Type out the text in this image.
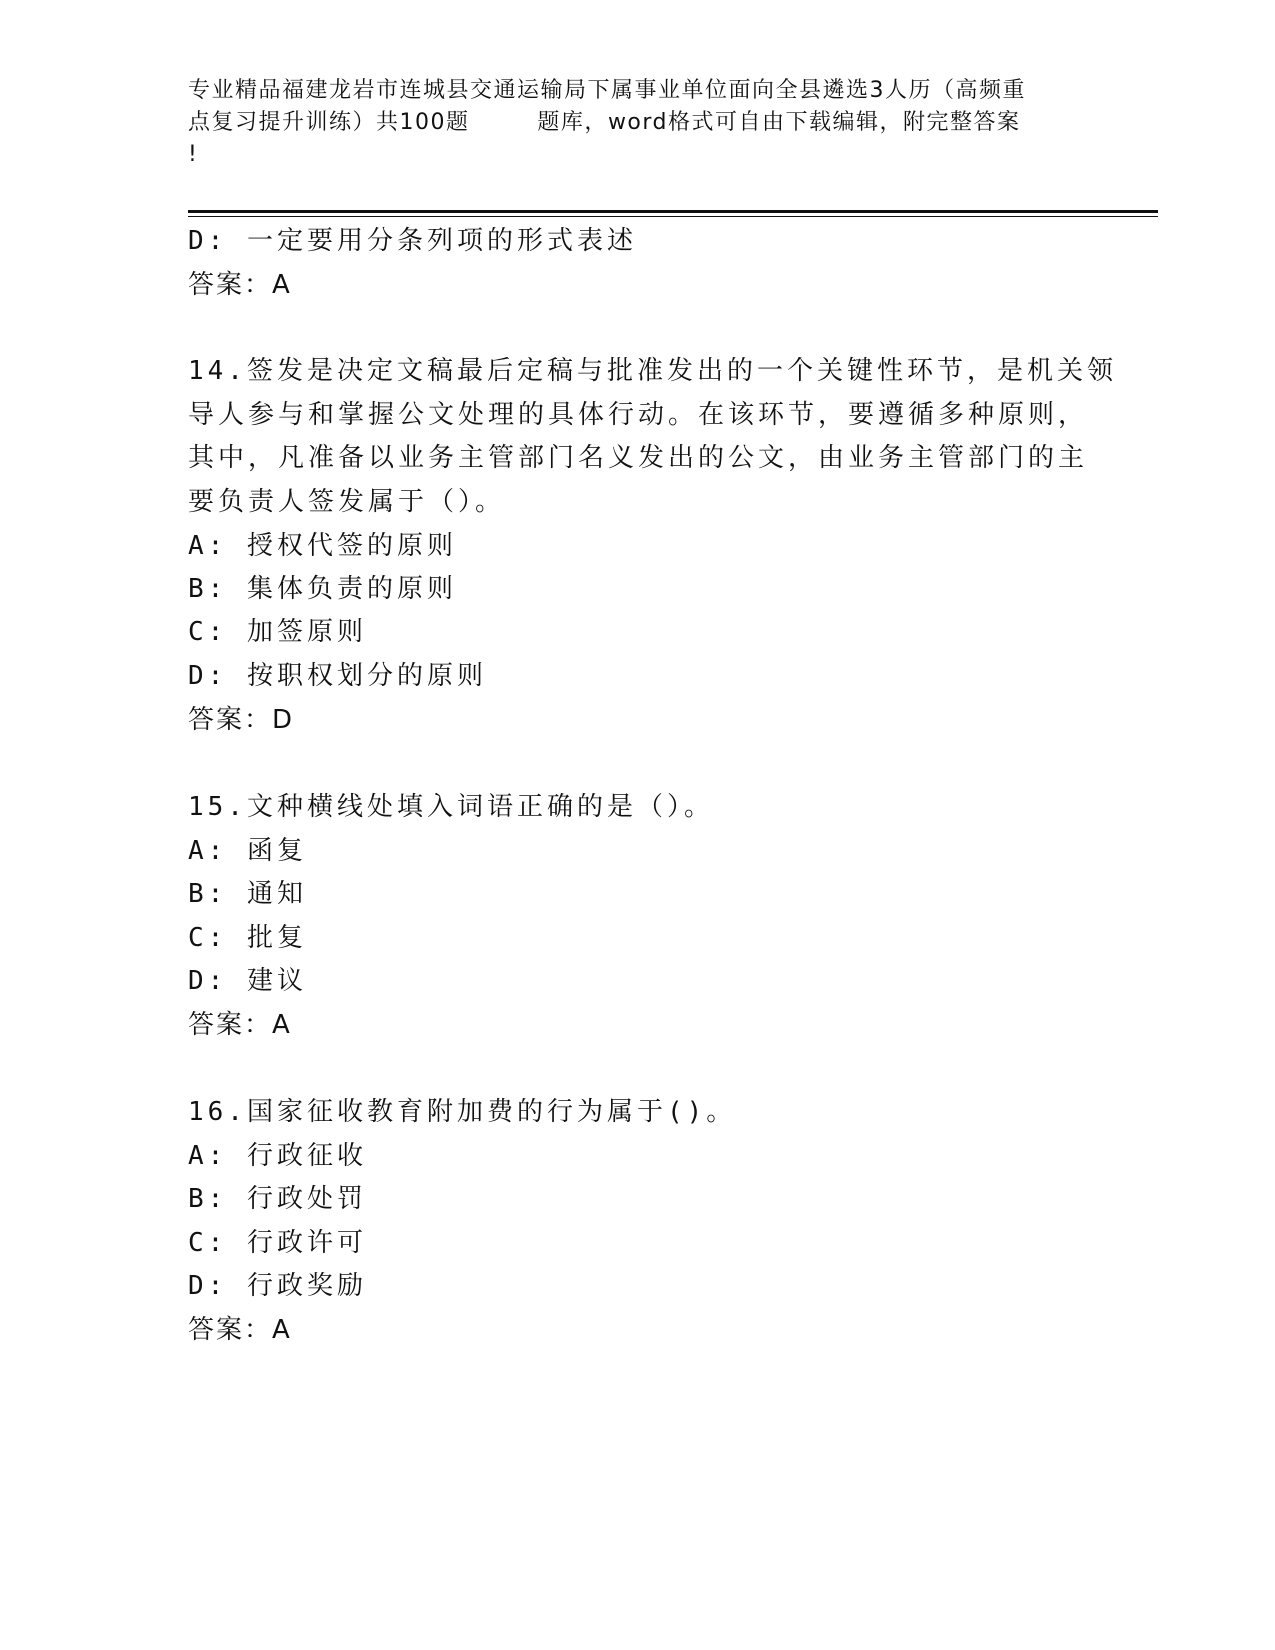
专业精品福建龙岩市连城县交通运输局下属事业单位面向全县遴选3人历（高频重
点复习提升训练）共100题        题库，word格式可自由下载编辑，附完整答案
!
D: 一定要用分条列项的形式表述
答案：A
14.签发是决定文稿最后定稿与批准发出的一个关键性环节，是机关领
导人参与和掌握公文处理的具体行动。在该环节，要遵循多种原则，
其中，凡准备以业务主管部门名义发出的公文，由业务主管部门的主
要负责人签发属于（）。
A: 授权代签的原则
B: 集体负责的原则
C: 加签原则
D: 按职权划分的原则
答案：D
15.文种横线处填入词语正确的是（）。
A: 函复
B: 通知
C: 批复
D: 建议
答案：A
16.国家征收教育附加费的行为属于()。
A: 行政征收
B: 行政处罚
C: 行政许可
D: 行政奖励
答案：A
